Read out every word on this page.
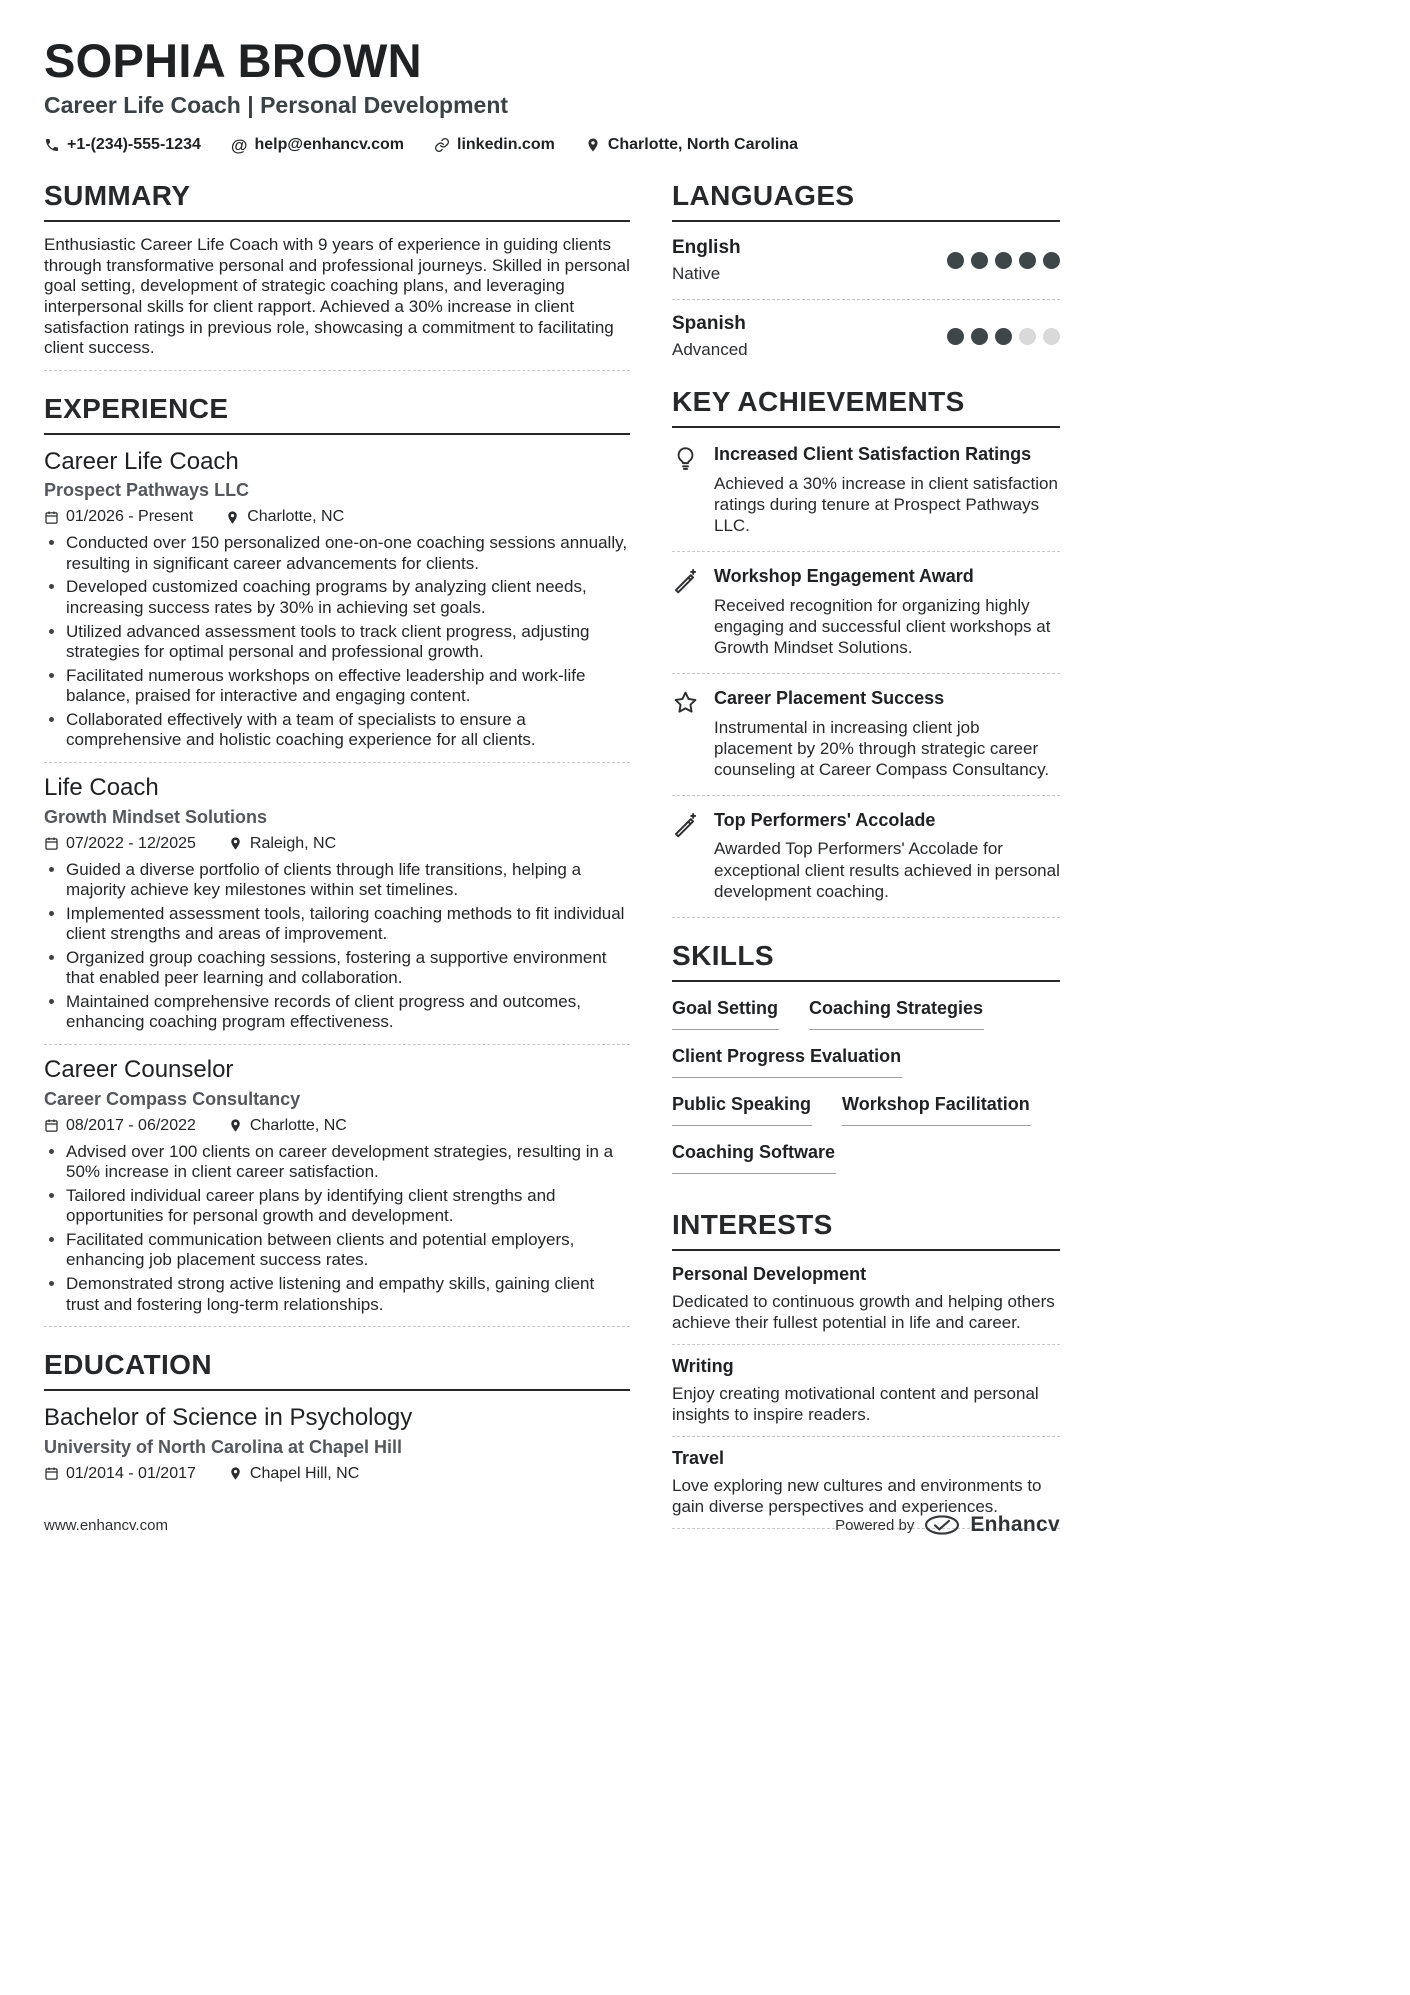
SOPHIA BROWN
Career Life Coach | Personal Development
+1-(234)-555-1234 @ help@enhancv.com	linkedin.com	Charlotte, North Carolina
SUMMARY

Enthusiastic Career Life Coach with 9 years of experience in guiding clients through transformative personal and professional journeys. Skilled in personal goal setting, development of strategic coaching plans, and leveraging interpersonal skills for client rapport. Achieved a 30% increase in client satisfaction ratings in previous role, showcasing a commitment to facilitating client success.

EXPERIENCE
Career Life Coach
Prospect Pathways LLC
01/2026 - Present	Charlotte, NC
• Conducted over 150 personalized one-on-one coaching sessions annually, resulting in significant career advancements for clients.
• Developed customized coaching programs by analyzing client needs, increasing success rates by 30% in achieving set goals.
• Utilized advanced assessment tools to track client progress, adjusting strategies for optimal personal and professional growth.
• Facilitated numerous workshops on effective leadership and work-life balance, praised for interactive and engaging content.
• Collaborated effectively with a team of specialists to ensure a comprehensive and holistic coaching experience for all clients.
Life Coach
Growth Mindset Solutions
07/2022 - 12/2025	Raleigh, NC
• Guided a diverse portfolio of clients through life transitions, helping a majority achieve key milestones within set timelines.
• Implemented assessment tools, tailoring coaching methods to fit individual client strengths and areas of improvement.
• Organized group coaching sessions, fostering a supportive environment that enabled peer learning and collaboration.
• Maintained comprehensive records of client progress and outcomes, enhancing coaching program effectiveness.
Career Counselor
Career Compass Consultancy
08/2017 - 06/2022	Charlotte, NC
• Advised over 100 clients on career development strategies, resulting in a 50% increase in client career satisfaction.
• Tailored individual career plans by identifying client strengths and opportunities for personal growth and development.
• Facilitated communication between clients and potential employers, enhancing job placement success rates.
• Demonstrated strong active listening and empathy skills, gaining client trust and fostering long-term relationships.
EDUCATION
Bachelor of Science in Psychology
University of North Carolina at Chapel Hill
01/2014 - 01/2017	Chapel Hill, NC
LANGUAGES
English
Native
Spanish
Advanced
KEY ACHIEVEMENTS
Increased Client Satisfaction Ratings
Achieved a 30% increase in client satisfaction ratings during tenure at Prospect Pathways LLC.
Workshop Engagement Award
Received recognition for organizing highly engaging and successful client workshops at Growth Mindset Solutions.
Career Placement Success
Instrumental in increasing client job placement by 20% through strategic career counseling at Career Compass Consultancy.
Top Performers' Accolade
Awarded Top Performers' Accolade for exceptional client results achieved in personal development coaching.
SKILLS
Goal Setting Coaching Strategies
Client Progress Evaluation
Public Speaking Workshop Facilitation
Coaching Software
INTERESTS
Personal Development
Dedicated to continuous growth and helping others achieve their fullest potential in life and career.
Writing
Enjoy creating motivational content and personal insights to inspire readers.
Travel
Love exploring new cultures and environments to gain diverse perspectives and experiences.
www.enhancv.com	Powered by	Enhancv
